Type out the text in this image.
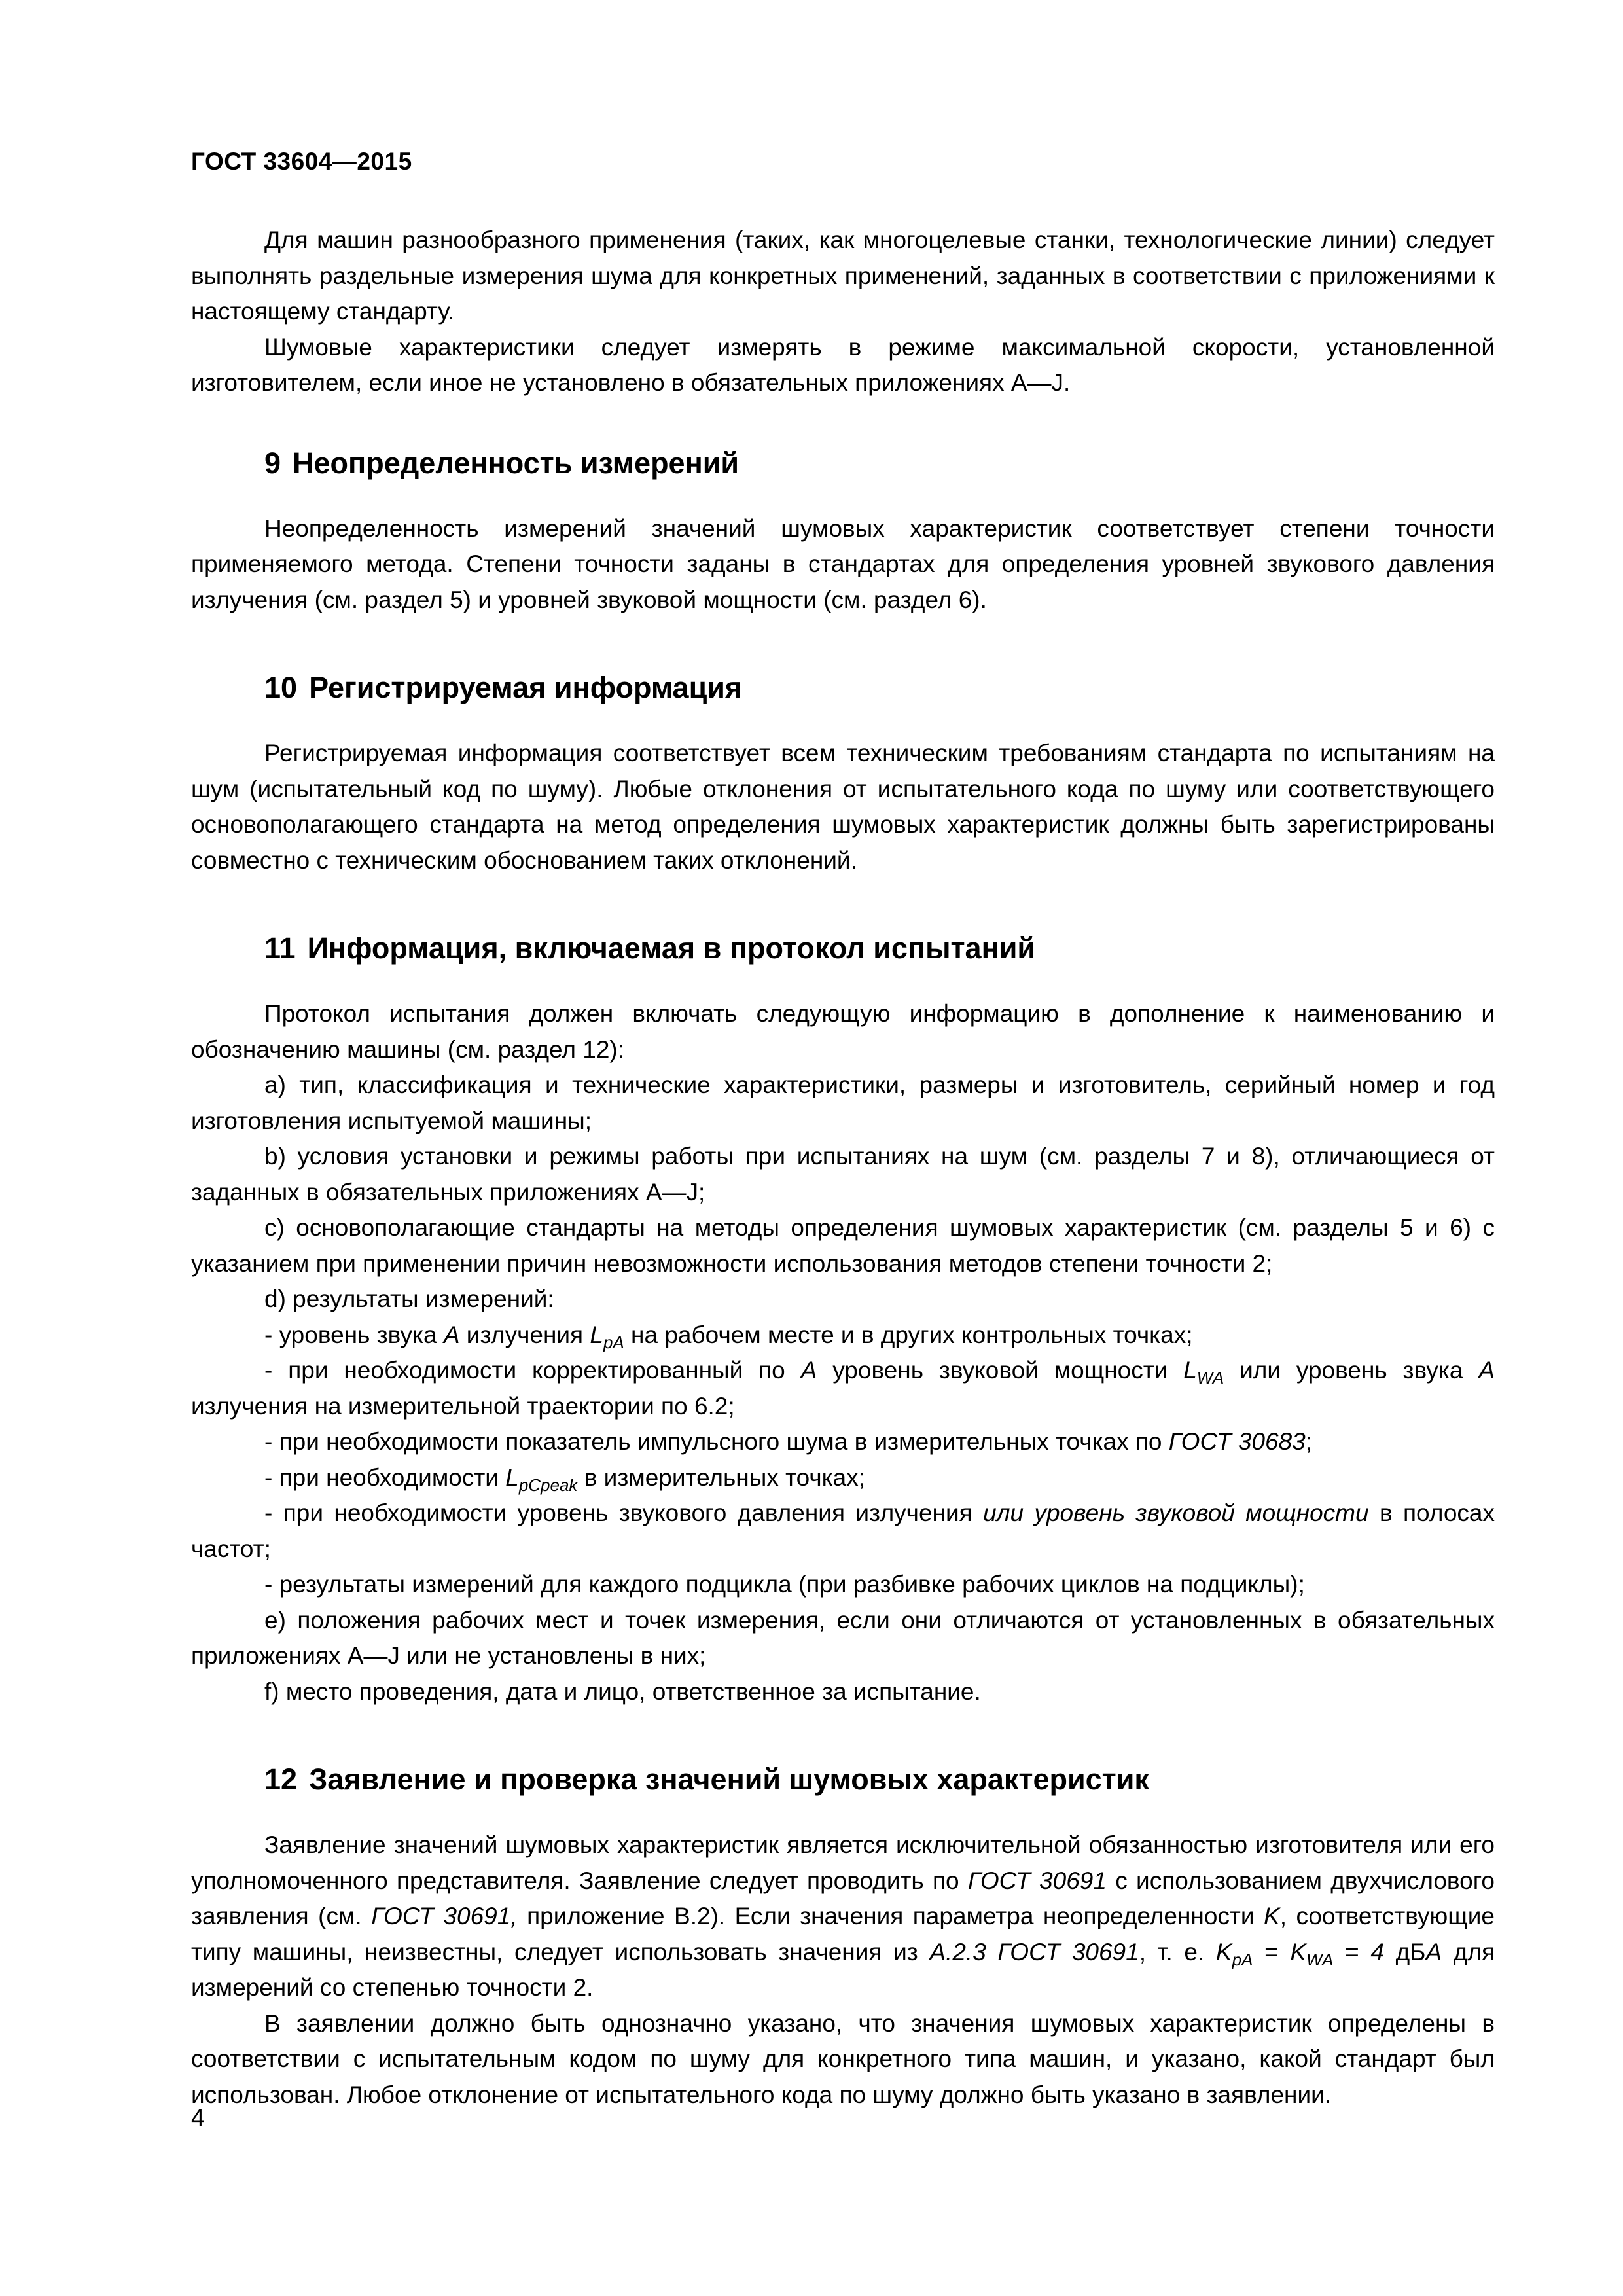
ГОСТ 33604—2015

Для машин разнообразного применения (таких, как многоцелевые станки, технологические линии) следует выполнять раздельные измерения шума для конкретных применений, заданных в соответствии с приложениями к настоящему стандарту.

Шумовые характеристики следует измерять в режиме максимальной скорости, установленной изготовителем, если иное не установлено в обязательных приложениях A—J.

9 Неопределенность измерений

Неопределенность измерений значений шумовых характеристик соответствует степени точности применяемого метода. Степени точности заданы в стандартах для определения уровней звукового давления излучения (см. раздел 5) и уровней звуковой мощности (см. раздел 6).

10 Регистрируемая информация

Регистрируемая информация соответствует всем техническим требованиям стандарта по испытаниям на шум (испытательный код по шуму). Любые отклонения от испытательного кода по шуму или соответствующего основополагающего стандарта на метод определения шумовых характеристик должны быть зарегистрированы совместно с техническим обоснованием таких отклонений.

11 Информация, включаемая в протокол испытаний

Протокол испытания должен включать следующую информацию в дополнение к наименованию и обозначению машины (см. раздел 12):

а) тип, классификация и технические характеристики, размеры и изготовитель, серийный номер и год изготовления испытуемой машины;

b) условия установки и режимы работы при испытаниях на шум (см. разделы 7 и 8), отличающиеся от заданных в обязательных приложениях A—J;

c) основополагающие стандарты на методы определения шумовых характеристик (см. разделы 5 и 6) с указанием при применении причин невозможности использования методов степени точности 2;

d) результаты измерений:

- уровень звука А излучения $L_{pA}$ на рабочем месте и в других контрольных точках;

- при необходимости корректированный по А уровень звуковой мощности $L_{WA}$ или уровень звука А излучения на измерительной траектории по 6.2;

- при необходимости показатель импульсного шума в измерительных точках по ГОСТ 30683;

- при необходимости $L_{pCpeak}$ в измерительных точках;

- при необходимости уровень звукового давления излучения или уровень звуковой мощности в полосах частот;

- результаты измерений для каждого подцикла (при разбивке рабочих циклов на подциклы);

e) положения рабочих мест и точек измерения, если они отличаются от установленных в обязательных приложениях A—J или не установлены в них;

f) место проведения, дата и лицо, ответственное за испытание.

12 Заявление и проверка значений шумовых характеристик

Заявление значений шумовых характеристик является исключительной обязанностью изготовителя или его уполномоченного представителя. Заявление следует проводить по ГОСТ 30691 с использованием двухчислового заявления (см. ГОСТ 30691, приложение B.2). Если значения параметра неопределенности K, соответствующие типу машины, неизвестны, следует использовать значения из A.2.3 ГОСТ 30691, т. е. $K_{pA} = K_{WA} = 4$ дБА для измерений со степенью точности 2.

В заявлении должно быть однозначно указано, что значения шумовых характеристик определены в соответствии с испытательным кодом по шуму для конкретного типа машин, и указано, какой стандарт был использован. Любое отклонение от испытательного кода по шуму должно быть указано в заявлении.

4
